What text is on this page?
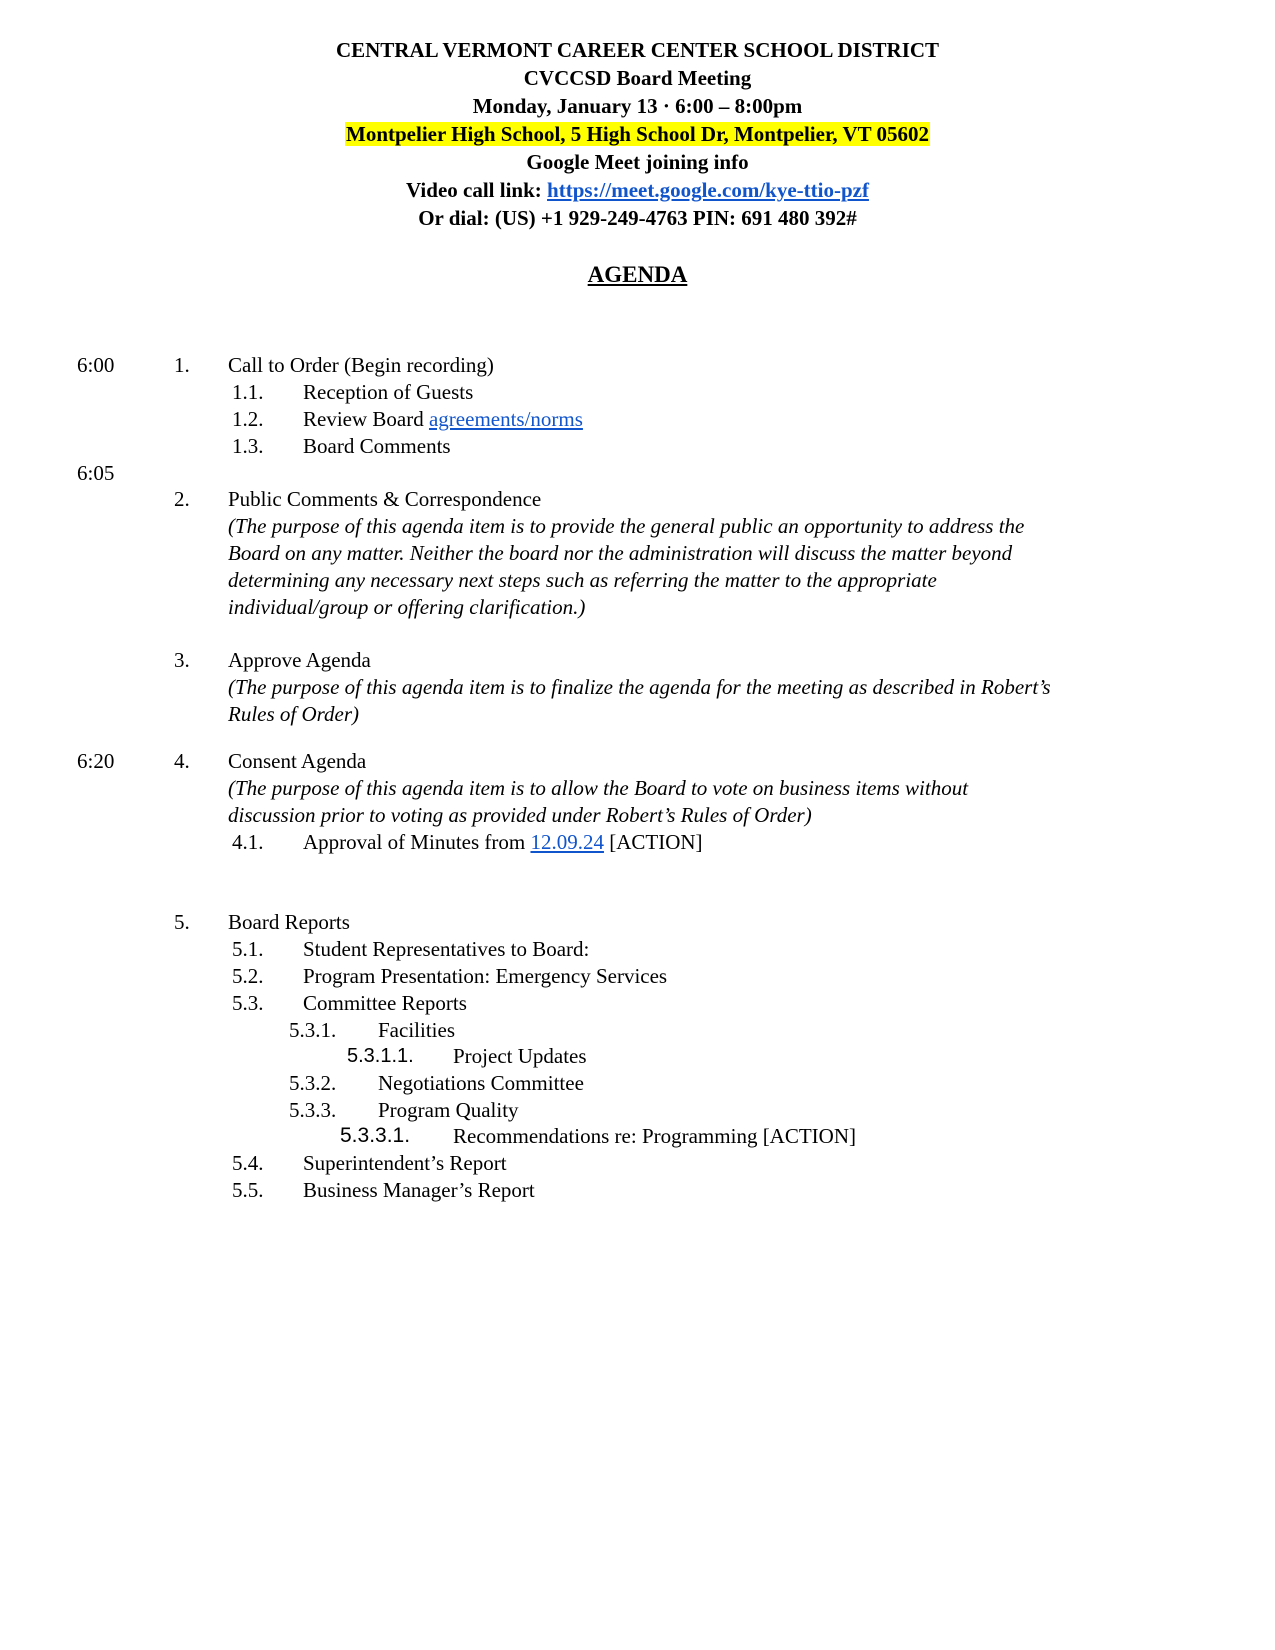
CENTRAL VERMONT CAREER CENTER SCHOOL DISTRICT
CVCCSD Board Meeting
Monday, January 13 · 6:00 – 8:00pm
Montpelier High School, 5 High School Dr, Montpelier, VT 05602
Google Meet joining info
Video call link: https://meet.google.com/kye-ttio-pzf
Or dial: (US) +1 929-249-4763 PIN: 691 480 392#
AGENDA
6:00	1. Call to Order (Begin recording)
1.1. Reception of Guests
1.2. Review Board agreements/norms
1.3. Board Comments
6:05
2. Public Comments & Correspondence
(The purpose of this agenda item is to provide the general public an opportunity to address the
Board on any matter. Neither the board nor the administration will discuss the matter beyond
determining any necessary next steps such as referring the matter to the appropriate
individual/group or offering clarification.)
3. Approve Agenda
(The purpose of this agenda item is to finalize the agenda for the meeting as described in Robert’s
Rules of Order)
6:20	4. Consent Agenda
(The purpose of this agenda item is to allow the Board to vote on business items without
discussion prior to voting as provided under Robert’s Rules of Order)
4.1. Approval of Minutes from 12.09.24 [ACTION]
5. Board Reports
5.1. Student Representatives to Board:
5.2. Program Presentation: Emergency Services
5.3. Committee Reports
5.3.1. Facilities
5.3.1.1. Project Updates
5.3.2. Negotiations Committee
5.3.3. Program Quality
5.3.3.1. Recommendations re: Programming [ACTION]
5.4. Superintendent’s Report
5.5. Business Manager’s Report
